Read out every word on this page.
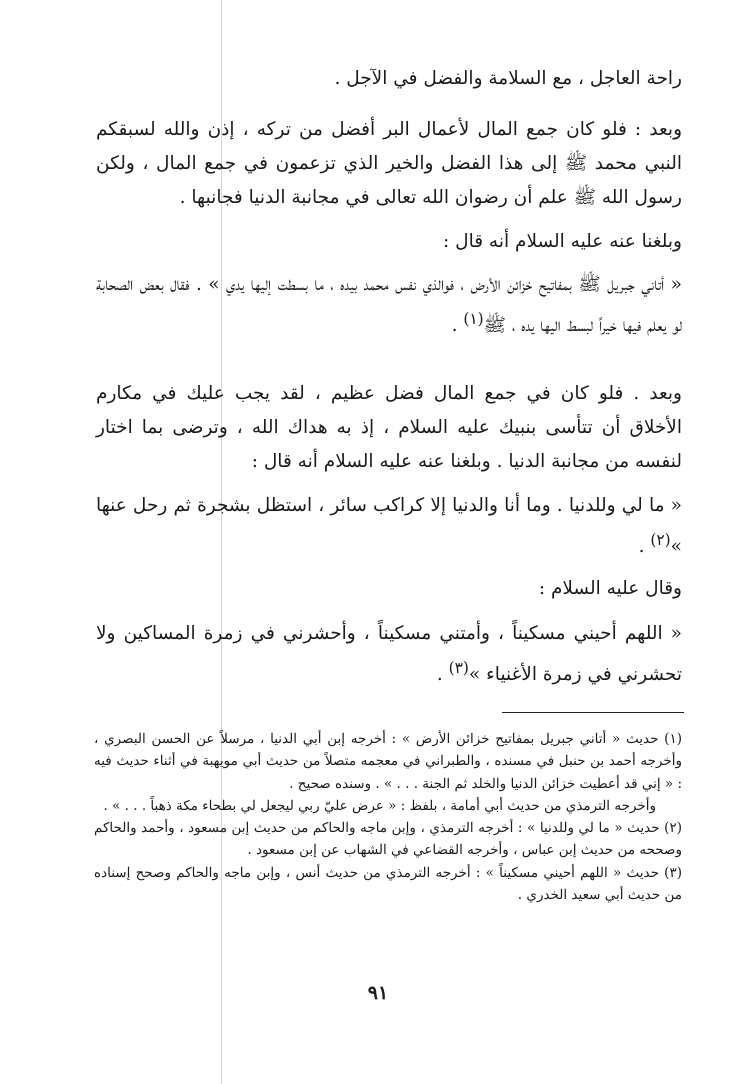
راحة العاجل ، مع السلامة والفضل في الآجل .

وبعد : فلو كان جمع المال لأعمال البر أفضل من تركه ، إذن والله لسبقكم النبي محمد ﷺ إلى هذا الفضل والخير الذي تزعمون في جمع المال ، ولكن رسول الله ﷺ علم أن رضوان الله تعالى في مجانبة الدنيا فجانبها .

وبلغنا عنه عليه السلام أنه قال :

« أتاني جبريل ﷺ بمفاتيح خزائن الأرض ، فوالذي نفس محمد بيده ، ما بسطت إليها يدي » . فقال بعض الصحابة لو يعلم فيها خيراً لبسط اليها يده ، ﷺ$^{(١)}$ .

وبعد . فلو كان في جمع المال فضل عظيم ، لقد يجب عليك في مكارم الأخلاق أن تتأسى بنبيك عليه السلام ، إذ به هداك الله ، وترضى بما اختار لنفسه من مجانبة الدنيا . وبلغنا عنه عليه السلام أنه قال :

« ما لي وللدنيا . وما أنا والدنيا إلا كراكب سائر ، استظل بشجرة ثم رحل عنها »$^{(٢)}$ .

وقال عليه السلام :

« اللهم أحيني مسكيناً ، وأمتني مسكيناً ، وأحشرني في زمرة المساكين ولا تحشرني في زمرة الأغنياء »$^{(٣)}$ .

(١) حديث « أتاني جبريل بمفاتيح خزائن الأرض » : أخرجه إبن أبي الدنيا ، مرسلاً عن الحسن البصري ، وأخرجه أحمد بن حنبل في مسنده ، والطبراني في معجمه متصلاً من حديث أبي مويهبة في أثناء حديث فيه : « إني قد أعطيت خزائن الدنيا والخلد ثم الجنة . . . » . وسنده صحيح .

وأخرجه الترمذي من حديث أبي أمامة ، بلفظ : « عرض عليّ ربي ليجعل لي بطحاء مكة ذهباً . . . » .

(٢) حديث « ما لي وللدنيا » : أخرجه الترمذي ، وإبن ماجه والحاكم من حديث إبن مسعود ، وأحمد والحاكم وصححه من حديث إبن عباس ، وأخرجه القضاعي في الشهاب عن إبن مسعود .

(٣) حديث « اللهم أحيني مسكيناً » : أخرجه الترمذي من حديث أنس ، وإبن ماجه والحاكم وصحح إسناده من حديث أبي سعيد الخدري .

٩١
